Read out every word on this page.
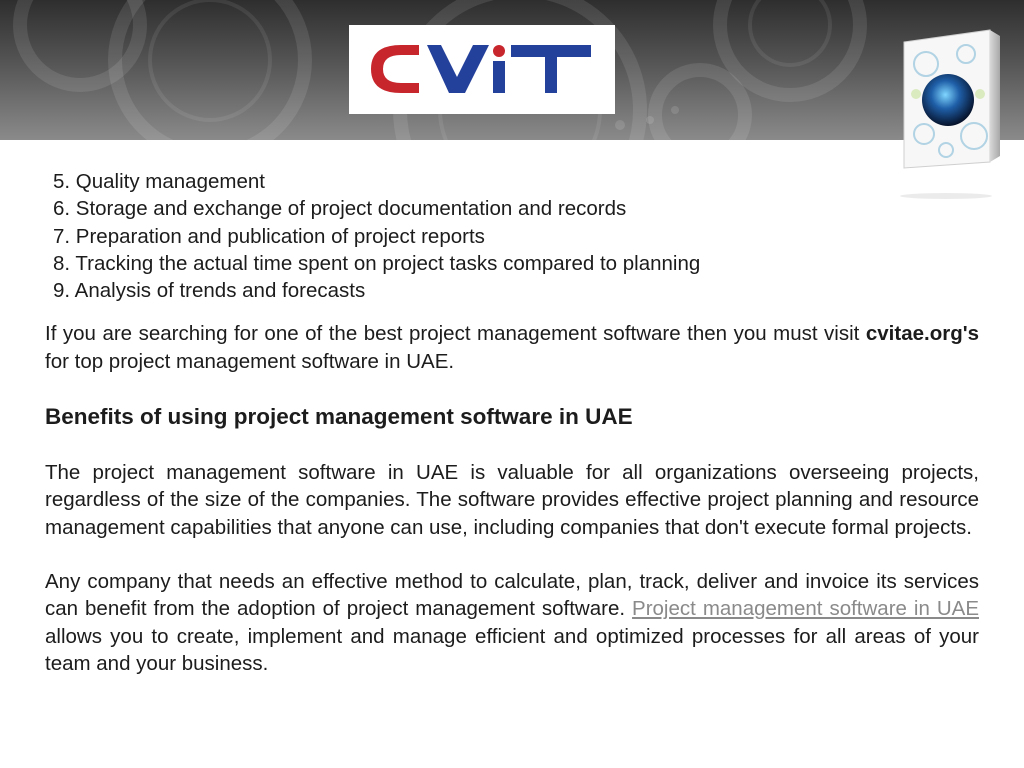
5. Quality management
6. Storage and exchange of project documentation and records
7. Preparation and publication of project reports
8. Tracking the actual time spent on project tasks compared to planning
9. Analysis of trends and forecasts

If you are searching for one of the best project management software then you must visit cvitae.org's for top project management software in UAE.

Benefits of using project management software in UAE

The project management software in UAE is valuable for all organizations overseeing projects, regardless of the size of the companies. The software provides effective project planning and resource management capabilities that anyone can use, including companies that don't execute formal projects.

Any company that needs an effective method to calculate, plan, track, deliver and invoice its services can benefit from the adoption of project management software. Project management software in UAE allows you to create, implement and manage efficient and optimized processes for all areas of your team and your business.
